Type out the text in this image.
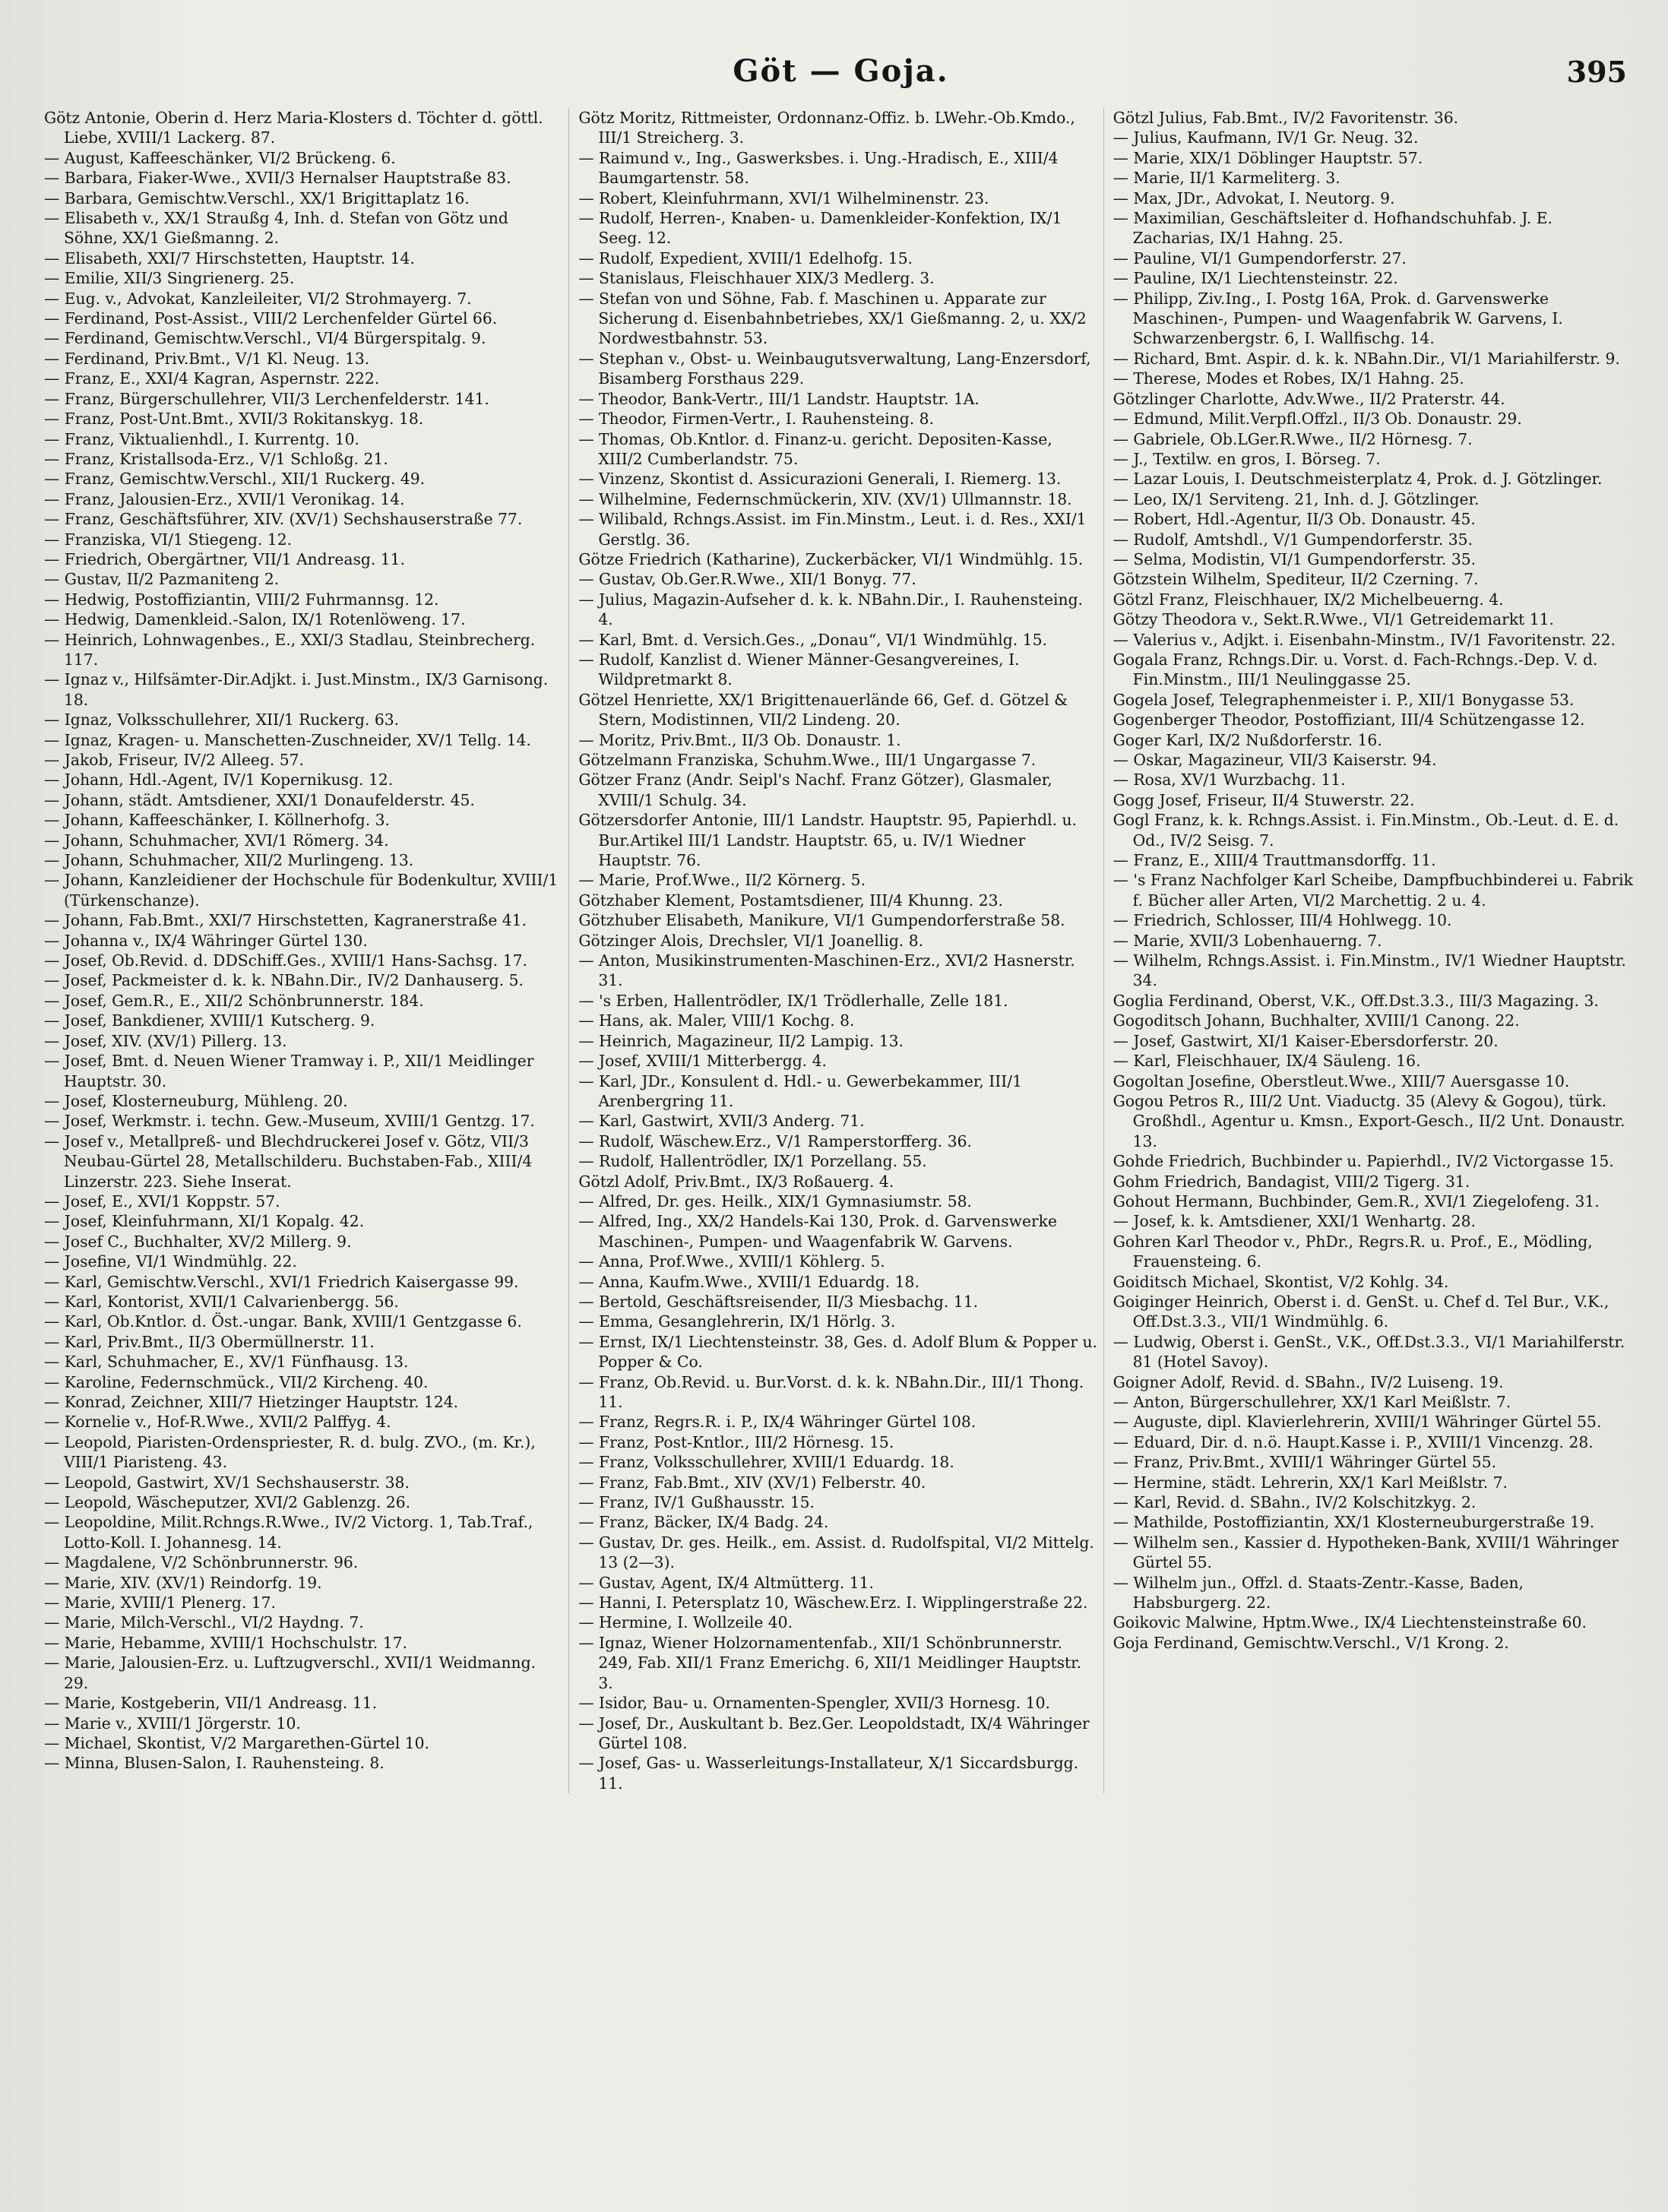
Göt — Goja.	395

Götz Antonie, Oberin d. Herz Maria-Klosters d. Töchter d. göttl. Liebe, XVIII/1 Lackerg. 87.

— August, Kaffeeschänker, VI/2 Brückeng. 6.

— Barbara, Fiaker-Wwe., XVII/3 Hernalser Hauptstraße 83.

— Barbara, Gemischtw.Verschl., XX/1 Brigittaplatz 16.

— Elisabeth v., XX/1 Straußg 4, Inh. d. Stefan von Götz und Söhne, XX/1 Gießmanng. 2.

— Elisabeth, XXI/7 Hirschstetten, Hauptstr. 14.

— Emilie, XII/3 Singrienerg. 25.

— Eug. v., Advokat, Kanzleileiter, VI/2 Strohmayerg. 7.

— Ferdinand, Post-Assist., VIII/2 Lerchenfelder Gürtel 66.

— Ferdinand, Gemischtw.Verschl., VI/4 Bürgerspitalg. 9.

— Ferdinand, Priv.Bmt., V/1 Kl. Neug. 13.

— Franz, E., XXI/4 Kagran, Aspernstr. 222.

— Franz, Bürgerschullehrer, VII/3 Lerchenfelderstr. 141.

— Franz, Post-Unt.Bmt., XVII/3 Rokitanskyg. 18.

— Franz, Viktualienhdl., I. Kurrentg. 10.

— Franz, Kristallsoda-Erz., V/1 Schloßg. 21.

— Franz, Gemischtw.Verschl., XII/1 Ruckerg. 49.

— Franz, Jalousien-Erz., XVII/1 Veronikag. 14.

— Franz, Geschäftsführer, XIV. (XV/1) Sechshauserstraße 77.

— Franziska, VI/1 Stiegeng. 12.

— Friedrich, Obergärtner, VII/1 Andreasg. 11.

— Gustav, II/2 Pazmaniteng 2.

— Hedwig, Postoffiziantin, VIII/2 Fuhrmannsg. 12.

— Hedwig, Damenkleid.-Salon, IX/1 Rotenlöweng. 17.

— Heinrich, Lohnwagenbes., E., XXI/3 Stadlau, Steinbrecherg. 117.

— Ignaz v., Hilfsämter-Dir.Adjkt. i. Just.Minstm., IX/3 Garnisong. 18.

— Ignaz, Volksschullehrer, XII/1 Ruckerg. 63.

— Ignaz, Kragen- u. Manschetten-Zuschneider, XV/1 Tellg. 14.

— Jakob, Friseur, IV/2 Alleeg. 57.

— Johann, Hdl.-Agent, IV/1 Kopernikusg. 12.

— Johann, städt. Amtsdiener, XXI/1 Donaufelderstr. 45.

— Johann, Kaffeeschänker, I. Köllnerhofg. 3.

— Johann, Schuhmacher, XVI/1 Römerg. 34.

— Johann, Schuhmacher, XII/2 Murlingeng. 13.

— Johann, Kanzleidiener der Hochschule für Bodenkultur, XVIII/1 (Türkenschanze).

— Johann, Fab.Bmt., XXI/7 Hirschstetten, Kagranerstraße 41.

— Johanna v., IX/4 Währinger Gürtel 130.

— Josef, Ob.Revid. d. DDSchiff.Ges., XVIII/1 Hans-Sachsg. 17.

— Josef, Packmeister d. k. k. NBahn.Dir., IV/2 Danhauserg. 5.

— Josef, Gem.R., E., XII/2 Schönbrunnerstr. 184.

— Josef, Bankdiener, XVIII/1 Kutscherg. 9.

— Josef, XIV. (XV/1) Pillerg. 13.

— Josef, Bmt. d. Neuen Wiener Tramway i. P., XII/1 Meidlinger Hauptstr. 30.

— Josef, Klosterneuburg, Mühleng. 20.

— Josef, Werkmstr. i. techn. Gew.-Museum, XVIII/1 Gentzg. 17.

— Josef v., Metallpreß- und Blechdruckerei Josef v. Götz, VII/3 Neubau-Gürtel 28, Metallschilderu. Buchstaben-Fab., XIII/4 Linzerstr. 223. Siehe Inserat.

— Josef, E., XVI/1 Koppstr. 57.

— Josef, Kleinfuhrmann, XI/1 Kopalg. 42.

— Josef C., Buchhalter, XV/2 Millerg. 9.

— Josefine, VI/1 Windmühlg. 22.

— Karl, Gemischtw.Verschl., XVI/1 Friedrich Kaisergasse 99.

— Karl, Kontorist, XVII/1 Calvarienbergg. 56.

— Karl, Ob.Kntlor. d. Öst.-ungar. Bank, XVIII/1 Gentzgasse 6.

— Karl, Priv.Bmt., II/3 Obermüllnerstr. 11.

— Karl, Schuhmacher, E., XV/1 Fünfhausg. 13.

— Karoline, Federnschmück., VII/2 Kircheng. 40.

— Konrad, Zeichner, XIII/7 Hietzinger Hauptstr. 124.

— Kornelie v., Hof-R.Wwe., XVII/2 Palffyg. 4.

— Leopold, Piaristen-Ordenspriester, R. d. bulg. ZVO., (m. Kr.), VIII/1 Piaristeng. 43.

— Leopold, Gastwirt, XV/1 Sechshauserstr. 38.

— Leopold, Wäscheputzer, XVI/2 Gablenzg. 26.

— Leopoldine, Milit.Rchngs.R.Wwe., IV/2 Victorg. 1, Tab.Traf., Lotto-Koll. I. Johannesg. 14.

— Magdalene, V/2 Schönbrunnerstr. 96.

— Marie, XIV. (XV/1) Reindorfg. 19.

— Marie, XVIII/1 Plenerg. 17.

— Marie, Milch-Verschl., VI/2 Haydng. 7.

— Marie, Hebamme, XVIII/1 Hochschulstr. 17.

— Marie, Jalousien-Erz. u. Luftzugverschl., XVII/1 Weidmanng. 29.

— Marie, Kostgeberin, VII/1 Andreasg. 11.

— Marie v., XVIII/1 Jörgerstr. 10.

— Michael, Skontist, V/2 Margarethen-Gürtel 10.

— Minna, Blusen-Salon, I. Rauhensteing. 8.

Götz Moritz, Rittmeister, Ordonnanz-Offiz. b. LWehr.-Ob.Kmdo., III/1 Streicherg. 3.

— Raimund v., Ing., Gaswerksbes. i. Ung.-Hradisch, E., XIII/4 Baumgartenstr. 58.

— Robert, Kleinfuhrmann, XVI/1 Wilhelminenstr. 23.

— Rudolf, Herren-, Knaben- u. Damenkleider-Konfektion, IX/1 Seeg. 12.

— Rudolf, Expedient, XVIII/1 Edelhofg. 15.

— Stanislaus, Fleischhauer XIX/3 Medlerg. 3.

— Stefan von und Söhne, Fab. f. Maschinen u. Apparate zur Sicherung d. Eisenbahnbetriebes, XX/1 Gießmanng. 2, u. XX/2 Nordwestbahnstr. 53.

— Stephan v., Obst- u. Weinbaugutsverwaltung, Lang-Enzersdorf, Bisamberg Forsthaus 229.

— Theodor, Bank-Vertr., III/1 Landstr. Hauptstr. 1A.

— Theodor, Firmen-Vertr., I. Rauhensteing. 8.

— Thomas, Ob.Kntlor. d. Finanz-u. gericht. Depositen-Kasse, XIII/2 Cumberlandstr. 75.

— Vinzenz, Skontist d. Assicurazioni Generali, I. Riemerg. 13.

— Wilhelmine, Federnschmückerin, XIV. (XV/1) Ullmannstr. 18.

— Wilibald, Rchngs.Assist. im Fin.Minstm., Leut. i. d. Res., XXI/1 Gerstlg. 36.

Götze Friedrich (Katharine), Zuckerbäcker, VI/1 Windmühlg. 15.

— Gustav, Ob.Ger.R.Wwe., XII/1 Bonyg. 77.

— Julius, Magazin-Aufseher d. k. k. NBahn.Dir., I. Rauhensteing. 4.

— Karl, Bmt. d. Versich.Ges., „Donau“, VI/1 Windmühlg. 15.

— Rudolf, Kanzlist d. Wiener Männer-Gesangvereines, I. Wildpretmarkt 8.

Götzel Henriette, XX/1 Brigittenauerlände 66, Gef. d. Götzel & Stern, Modistinnen, VII/2 Lindeng. 20.

— Moritz, Priv.Bmt., II/3 Ob. Donaustr. 1.

Götzelmann Franziska, Schuhm.Wwe., III/1 Ungargasse 7.

Götzer Franz (Andr. Seipl's Nachf. Franz Götzer), Glasmaler, XVIII/1 Schulg. 34.

Götzersdorfer Antonie, III/1 Landstr. Hauptstr. 95, Papierhdl. u. Bur.Artikel III/1 Landstr. Hauptstr. 65, u. IV/1 Wiedner Hauptstr. 76.

— Marie, Prof.Wwe., II/2 Körnerg. 5.

Götzhaber Klement, Postamtsdiener, III/4 Khunng. 23.

Götzhuber Elisabeth, Manikure, VI/1 Gumpendorferstraße 58.

Götzinger Alois, Drechsler, VI/1 Joanellig. 8.

— Anton, Musikinstrumenten-Maschinen-Erz., XVI/2 Hasnerstr. 31.

— 's Erben, Hallentrödler, IX/1 Trödlerhalle, Zelle 181.

— Hans, ak. Maler, VIII/1 Kochg. 8.

— Heinrich, Magazineur, II/2 Lampig. 13.

— Josef, XVIII/1 Mitterbergg. 4.

— Karl, JDr., Konsulent d. Hdl.- u. Gewerbekammer, III/1 Arenbergring 11.

— Karl, Gastwirt, XVII/3 Anderg. 71.

— Rudolf, Wäschew.Erz., V/1 Ramperstorfferg. 36.

— Rudolf, Hallentrödler, IX/1 Porzellang. 55.

Götzl Adolf, Priv.Bmt., IX/3 Roßauerg. 4.

— Alfred, Dr. ges. Heilk., XIX/1 Gymnasiumstr. 58.

— Alfred, Ing., XX/2 Handels-Kai 130, Prok. d. Garvenswerke Maschinen-, Pumpen- und Waagenfabrik W. Garvens.

— Anna, Prof.Wwe., XVIII/1 Köhlerg. 5.

— Anna, Kaufm.Wwe., XVIII/1 Eduardg. 18.

— Bertold, Geschäftsreisender, II/3 Miesbachg. 11.

— Emma, Gesanglehrerin, IX/1 Hörlg. 3.

— Ernst, IX/1 Liechtensteinstr. 38, Ges. d. Adolf Blum & Popper u. Popper & Co.

— Franz, Ob.Revid. u. Bur.Vorst. d. k. k. NBahn.Dir., III/1 Thong. 11.

— Franz, Regrs.R. i. P., IX/4 Währinger Gürtel 108.

— Franz, Post-Kntlor., III/2 Hörnesg. 15.

— Franz, Volksschullehrer, XVIII/1 Eduardg. 18.

— Franz, Fab.Bmt., XIV (XV/1) Felberstr. 40.

— Franz, IV/1 Gußhausstr. 15.

— Franz, Bäcker, IX/4 Badg. 24.

— Gustav, Dr. ges. Heilk., em. Assist. d. Rudolfspital, VI/2 Mittelg. 13 (2—3).

— Gustav, Agent, IX/4 Altmütterg. 11.

— Hanni, I. Petersplatz 10, Wäschew.Erz. I. Wipplingerstraße 22.

— Hermine, I. Wollzeile 40.

— Ignaz, Wiener Holzornamentenfab., XII/1 Schönbrunnerstr. 249, Fab. XII/1 Franz Emerichg. 6, XII/1 Meidlinger Hauptstr. 3.

— Isidor, Bau- u. Ornamenten-Spengler, XVII/3 Hornesg. 10.

— Josef, Dr., Auskultant b. Bez.Ger. Leopoldstadt, IX/4 Währinger Gürtel 108.

— Josef, Gas- u. Wasserleitungs-Installateur, X/1 Siccardsburgg. 11.

Götzl Julius, Fab.Bmt., IV/2 Favoritenstr. 36.

— Julius, Kaufmann, IV/1 Gr. Neug. 32.

— Marie, XIX/1 Döblinger Hauptstr. 57.

— Marie, II/1 Karmeliterg. 3.

— Max, JDr., Advokat, I. Neutorg. 9.

— Maximilian, Geschäftsleiter d. Hofhandschuhfab. J. E. Zacharias, IX/1 Hahng. 25.

— Pauline, VI/1 Gumpendorferstr. 27.

— Pauline, IX/1 Liechtensteinstr. 22.

— Philipp, Ziv.Ing., I. Postg 16A, Prok. d. Garvenswerke Maschinen-, Pumpen- und Waagenfabrik W. Garvens, I. Schwarzenbergstr. 6, I. Wallfischg. 14.

— Richard, Bmt. Aspir. d. k. k. NBahn.Dir., VI/1 Mariahilferstr. 9.

— Therese, Modes et Robes, IX/1 Hahng. 25.

Götzlinger Charlotte, Adv.Wwe., II/2 Praterstr. 44.

— Edmund, Milit.Verpfl.Offzl., II/3 Ob. Donaustr. 29.

— Gabriele, Ob.LGer.R.Wwe., II/2 Hörnesg. 7.

— J., Textilw. en gros, I. Börseg. 7.

— Lazar Louis, I. Deutschmeisterplatz 4, Prok. d. J. Götzlinger.

— Leo, IX/1 Serviteng. 21, Inh. d. J. Götzlinger.

— Robert, Hdl.-Agentur, II/3 Ob. Donaustr. 45.

— Rudolf, Amtshdl., V/1 Gumpendorferstr. 35.

— Selma, Modistin, VI/1 Gumpendorferstr. 35.

Götzstein Wilhelm, Spediteur, II/2 Czerning. 7.

Götzl Franz, Fleischhauer, IX/2 Michelbeuerng. 4.

Götzy Theodora v., Sekt.R.Wwe., VI/1 Getreidemarkt 11.

— Valerius v., Adjkt. i. Eisenbahn-Minstm., IV/1 Favoritenstr. 22.

Gogala Franz, Rchngs.Dir. u. Vorst. d. Fach-Rchngs.-Dep. V. d. Fin.Minstm., III/1 Neulinggasse 25.

Gogela Josef, Telegraphenmeister i. P., XII/1 Bonygasse 53.

Gogenberger Theodor, Postoffiziant, III/4 Schützengasse 12.

Goger Karl, IX/2 Nußdorferstr. 16.

— Oskar, Magazineur, VII/3 Kaiserstr. 94.

— Rosa, XV/1 Wurzbachg. 11.

Gogg Josef, Friseur, II/4 Stuwerstr. 22.

Gogl Franz, k. k. Rchngs.Assist. i. Fin.Minstm., Ob.-Leut. d. E. d. Od., IV/2 Seisg. 7.

— Franz, E., XIII/4 Trauttmansdorffg. 11.

— 's Franz Nachfolger Karl Scheibe, Dampfbuchbinderei u. Fabrik f. Bücher aller Arten, VI/2 Marchettig. 2 u. 4.

— Friedrich, Schlosser, III/4 Hohlwegg. 10.

— Marie, XVII/3 Lobenhauerng. 7.

— Wilhelm, Rchngs.Assist. i. Fin.Minstm., IV/1 Wiedner Hauptstr. 34.

Goglia Ferdinand, Oberst, V.K., Off.Dst.3.3., III/3 Magazing. 3.

Gogoditsch Johann, Buchhalter, XVIII/1 Canong. 22.

— Josef, Gastwirt, XI/1 Kaiser-Ebersdorferstr. 20.

— Karl, Fleischhauer, IX/4 Säuleng. 16.

Gogoltan Josefine, Oberstleut.Wwe., XIII/7 Auersgasse 10.

Gogou Petros R., III/2 Unt. Viaductg. 35 (Alevy & Gogou), türk. Großhdl., Agentur u. Kmsn., Export-Gesch., II/2 Unt. Donaustr. 13.

Gohde Friedrich, Buchbinder u. Papierhdl., IV/2 Victorgasse 15.

Gohm Friedrich, Bandagist, VIII/2 Tigerg. 31.

Gohout Hermann, Buchbinder, Gem.R., XVI/1 Ziegelofeng. 31.

— Josef, k. k. Amtsdiener, XXI/1 Wenhartg. 28.

Gohren Karl Theodor v., PhDr., Regrs.R. u. Prof., E., Mödling, Frauensteing. 6.

Goiditsch Michael, Skontist, V/2 Kohlg. 34.

Goiginger Heinrich, Oberst i. d. GenSt. u. Chef d. Tel Bur., V.K., Off.Dst.3.3., VII/1 Windmühlg. 6.

— Ludwig, Oberst i. GenSt., V.K., Off.Dst.3.3., VI/1 Mariahilferstr. 81 (Hotel Savoy).

Goigner Adolf, Revid. d. SBahn., IV/2 Luiseng. 19.

— Anton, Bürgerschullehrer, XX/1 Karl Meißlstr. 7.

— Auguste, dipl. Klavierlehrerin, XVIII/1 Währinger Gürtel 55.

— Eduard, Dir. d. n.ö. Haupt.Kasse i. P., XVIII/1 Vincenzg. 28.

— Franz, Priv.Bmt., XVIII/1 Währinger Gürtel 55.

— Hermine, städt. Lehrerin, XX/1 Karl Meißlstr. 7.

— Karl, Revid. d. SBahn., IV/2 Kolschitzkyg. 2.

— Mathilde, Postoffiziantin, XX/1 Klosterneuburgerstraße 19.

— Wilhelm sen., Kassier d. Hypotheken-Bank, XVIII/1 Währinger Gürtel 55.

— Wilhelm jun., Offzl. d. Staats-Zentr.-Kasse, Baden, Habsburgerg. 22.

Goikovic Malwine, Hptm.Wwe., IX/4 Liechtensteinstraße 60.

Goja Ferdinand, Gemischtw.Verschl., V/1 Krong. 2.
